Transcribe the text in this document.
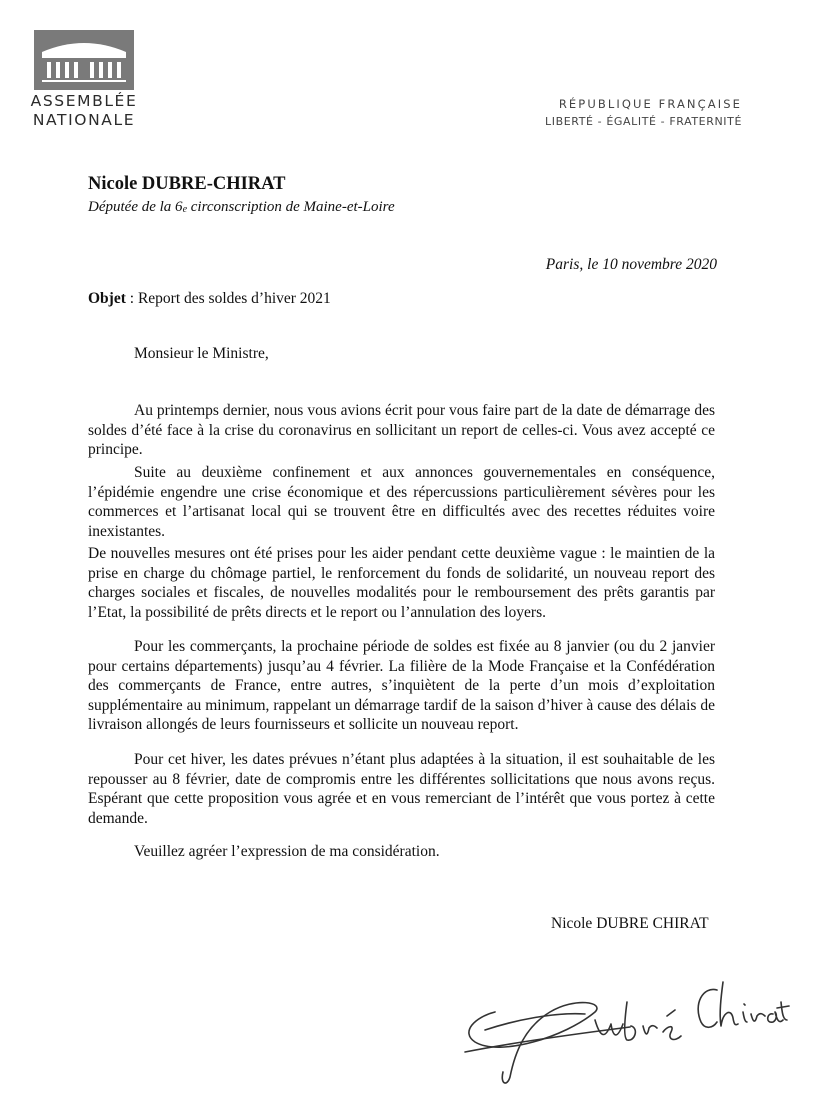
ASSEMBLÉE
NATIONALE
RÉPUBLIQUE FRANÇAISE
LIBERTÉ - ÉGALITÉ - FRATERNITÉ
Nicole DUBRE-CHIRAT
Députée de la $6_e$ circonscription de Maine-et-Loire
Paris, le 10 novembre 2020
Objet : Report des soldes d’hiver 2021
Monsieur le Ministre,
Au printemps dernier, nous vous avions écrit pour vous faire part de la date de démarrage des soldes d’été face à la crise du coronavirus en sollicitant un report de celles-ci. Vous avez accepté ce principe.
Suite au deuxième confinement et aux annonces gouvernementales en conséquence, l’épidémie engendre une crise économique et des répercussions particulièrement sévères pour les commerces et l’artisanat local qui se trouvent être en difficultés avec des recettes réduites voire inexistantes.
De nouvelles mesures ont été prises pour les aider pendant cette deuxième vague : le maintien de la prise en charge du chômage partiel, le renforcement du fonds de solidarité, un nouveau report des charges sociales et fiscales, de nouvelles modalités pour le remboursement des prêts garantis par l’Etat, la possibilité de prêts directs et le report ou l’annulation des loyers.
Pour les commerçants, la prochaine période de soldes est fixée au 8 janvier (ou du 2 janvier pour certains départements) jusqu’au 4 février. La filière de la Mode Française et la Confédération des commerçants de France, entre autres, s’inquiètent de la perte d’un mois d’exploitation supplémentaire au minimum, rappelant un démarrage tardif de la saison d’hiver à cause des délais de livraison allongés de leurs fournisseurs et sollicite un nouveau report.
Pour cet hiver, les dates prévues n’étant plus adaptées à la situation, il est souhaitable de les repousser au 8 février, date de compromis entre les différentes sollicitations que nous avons reçus. Espérant que cette proposition vous agrée et en vous remerciant de l’intérêt que vous portez à cette demande.
Veuillez agréer l’expression de ma considération.
Nicole DUBRE CHIRAT
